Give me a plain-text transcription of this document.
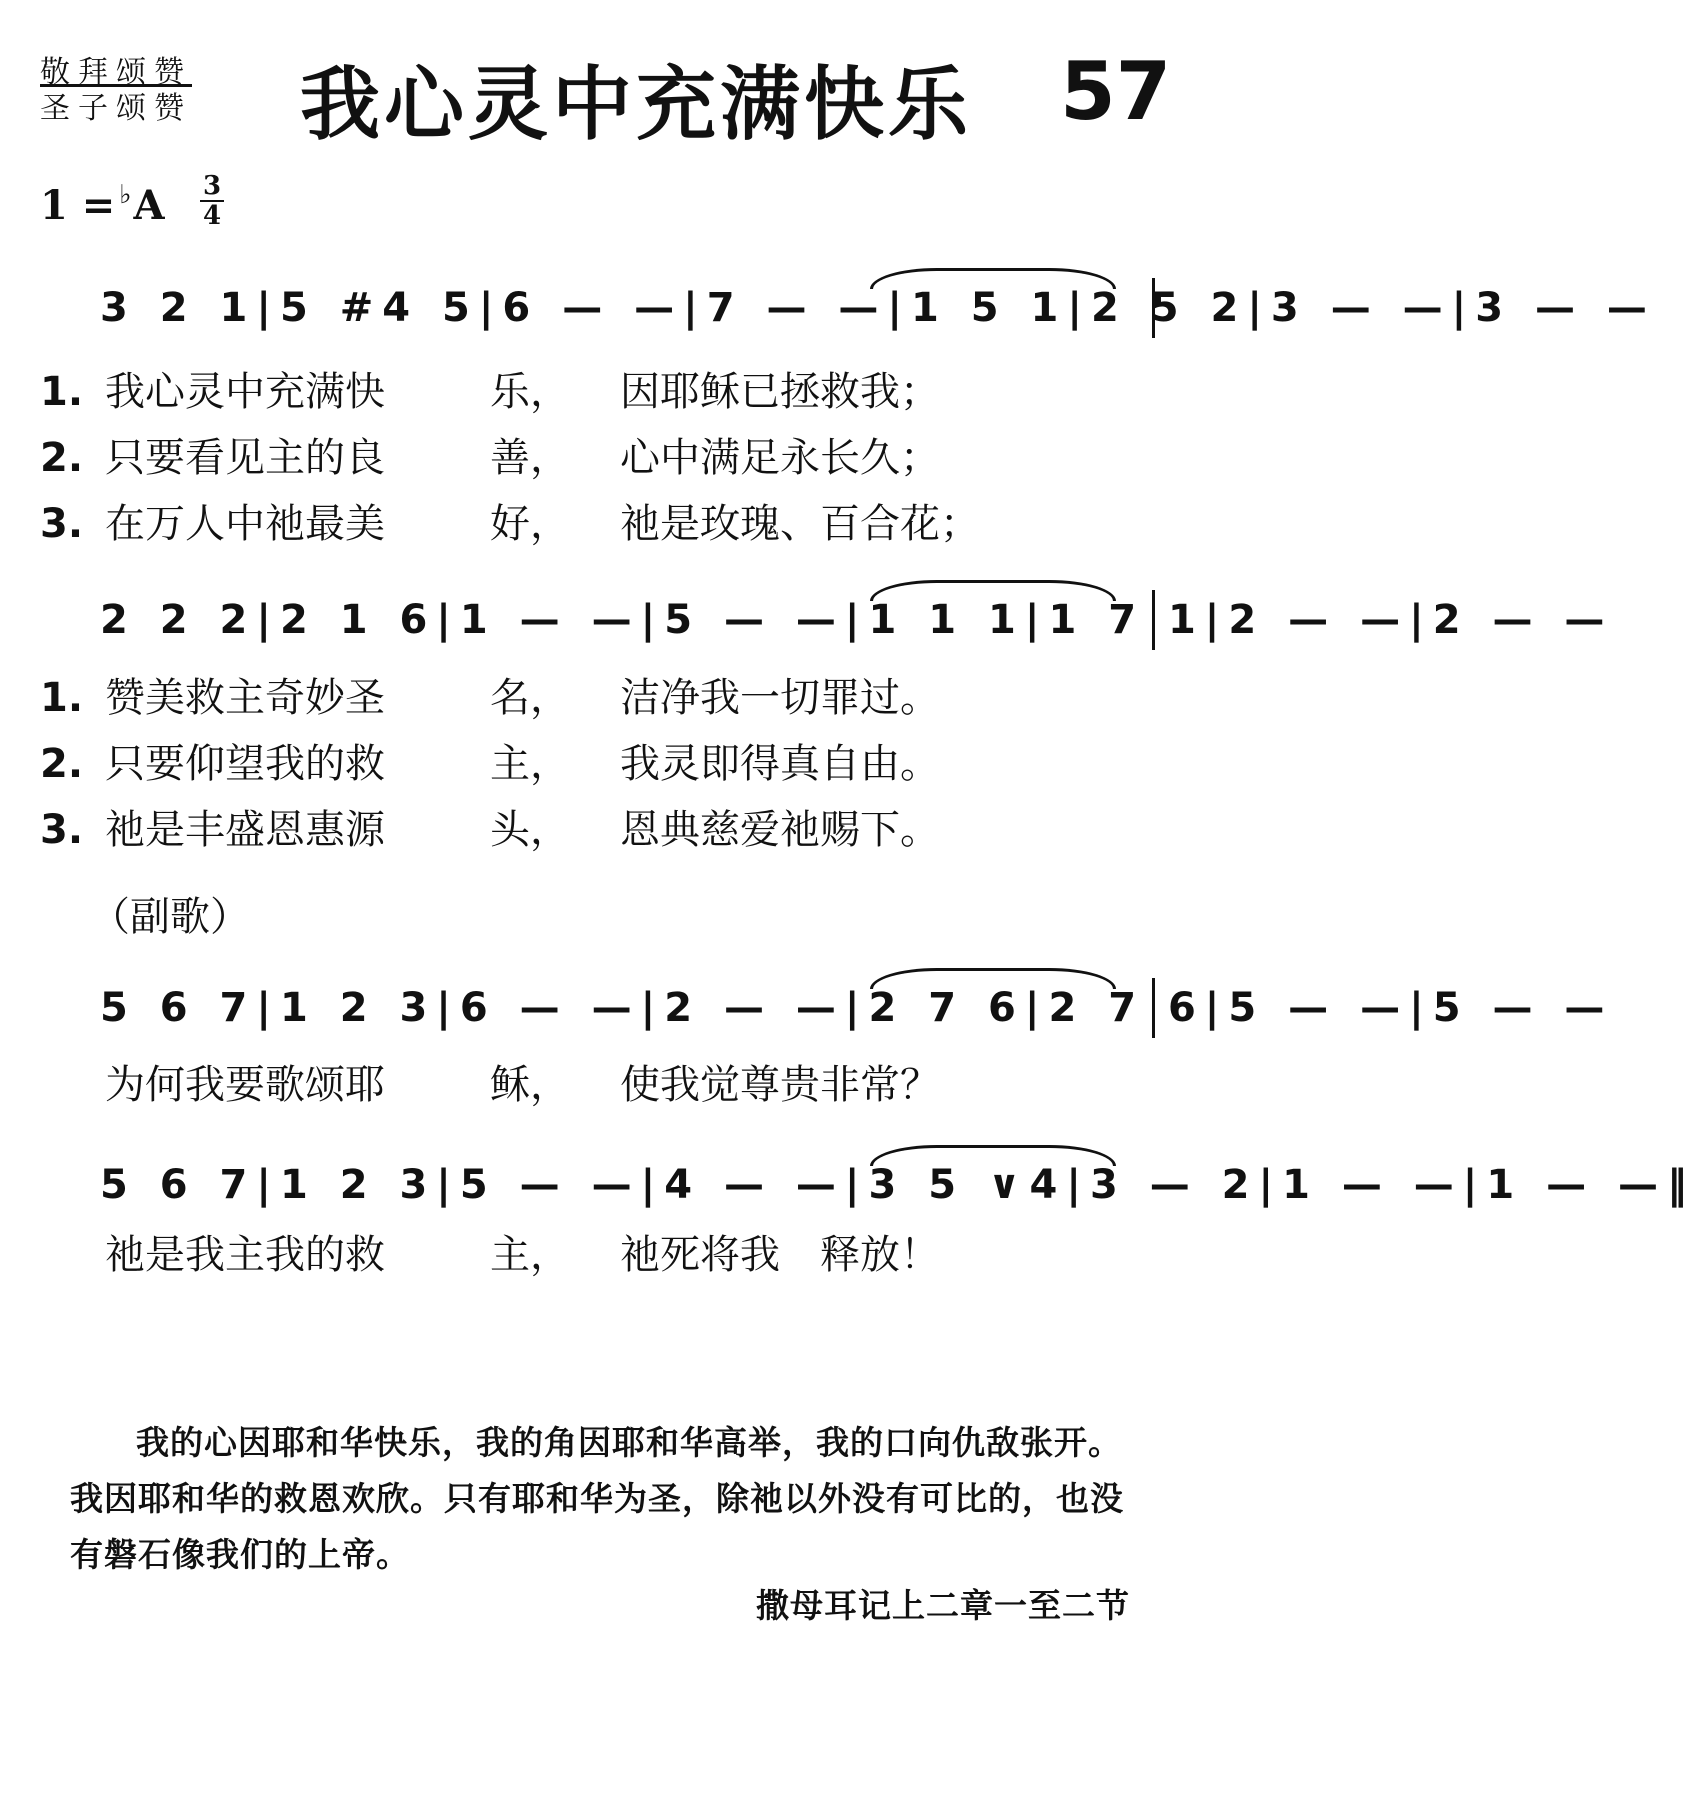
敬拜颂赞
圣子颂赞 我心灵中充满快乐 57
$1 = ^♭A \frac{3}{4}$
3 2 1|5 #4 5|6 — —|7 — —|1 5 1|2 5 2|3 — —|3 — —
1. 我心灵中充满快	乐， 因耶稣已拯救我；
2. 只要看见主的良	善， 心中满足永长久；
3. 在万人中祂最美	好， 祂是玫瑰、百合花；
2 2 2|2 1 6|1 — —|5 — —|1 1 1|1 7 1|2 — —|2 — —
1. 赞美救主奇妙圣	名， 洁净我一切罪过。
2. 只要仰望我的救	主， 我灵即得真自由。
3. 祂是丰盛恩惠源	头， 恩典慈爱祂赐下。
（副歌）
5 6 7|1 2 3|6 — —|2 — —|2 7 6|2 7 6|5 — —|5 — —
为何我要歌颂耶	稣， 使我觉尊贵非常？
5 6 7|1 2 3|5 — —|4 — —|3 5 ∨4|3 — 2|1 — —|1 — —‖
祂是我主我的救	主， 祂死将我　释放！
我的心因耶和华快乐，我的角因耶和华高举，我的口向仇敌张开。我因耶和华的救恩欢欣。只有耶和华为圣，除祂以外没有可比的，也没有磐石像我们的上帝。
撒母耳记上二章一至二节
